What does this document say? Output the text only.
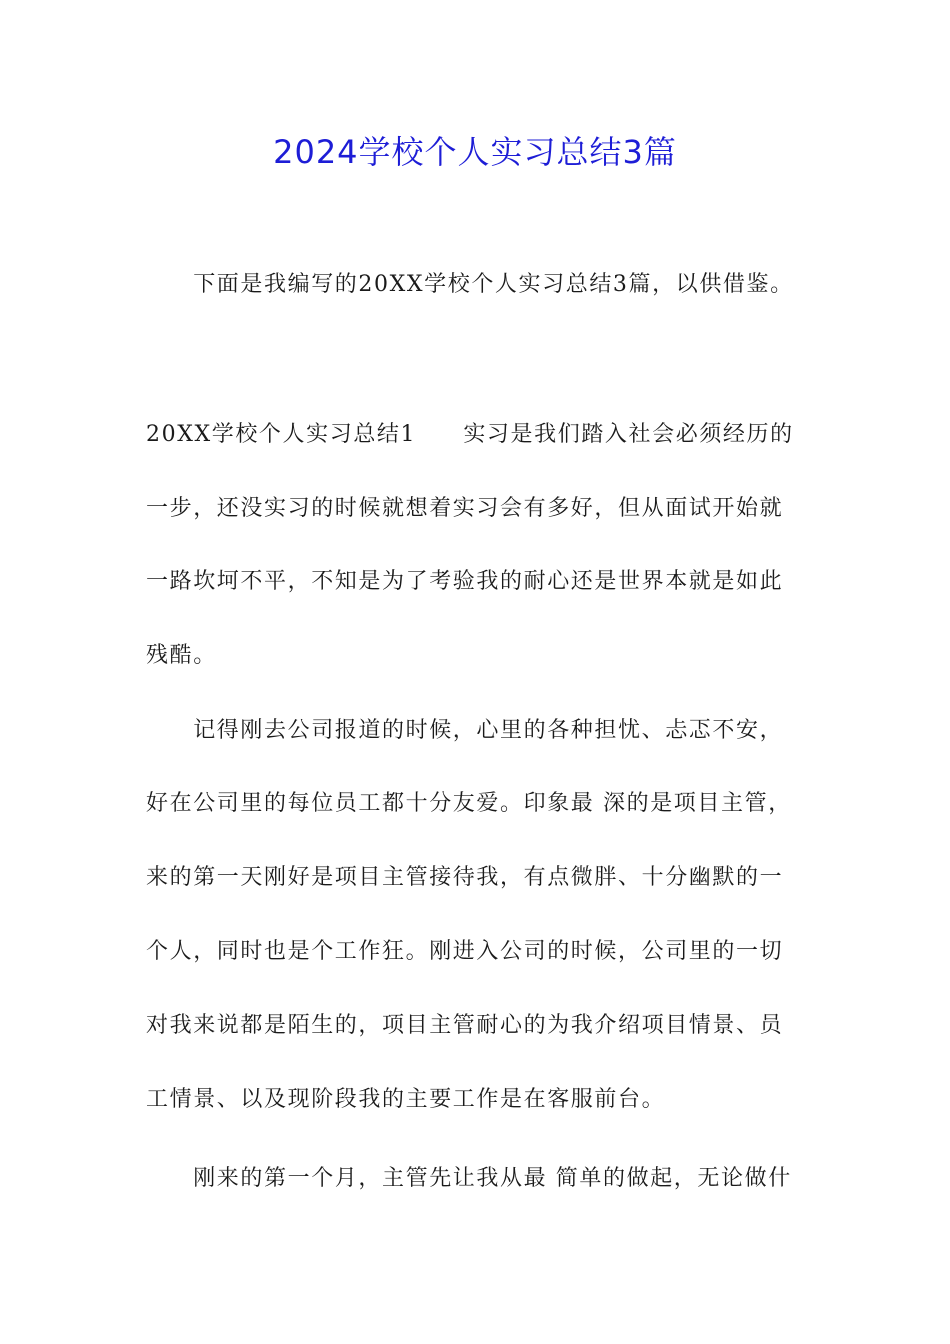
2024学校个人实习总结3篇
　　下面是我编写的20XX学校个人实习总结3篇，以供借鉴。
20XX学校个人实习总结1　　实习是我们踏入社会必须经历的
一步，还没实习的时候就想着实习会有多好，但从面试开始就
一路坎坷不平，不知是为了考验我的耐心还是世界本就是如此
残酷。
　　记得刚去公司报道的时候，心里的各种担忧、忐忑不安，
好在公司里的每位员工都十分友爱。印象最 深的是项目主管，
来的第一天刚好是项目主管接待我，有点微胖、十分幽默的一
个人，同时也是个工作狂。刚进入公司的时候，公司里的一切
对我来说都是陌生的，项目主管耐心的为我介绍项目情景、员
工情景、以及现阶段我的主要工作是在客服前台。
　　刚来的第一个月，主管先让我从最 简单的做起，无论做什
